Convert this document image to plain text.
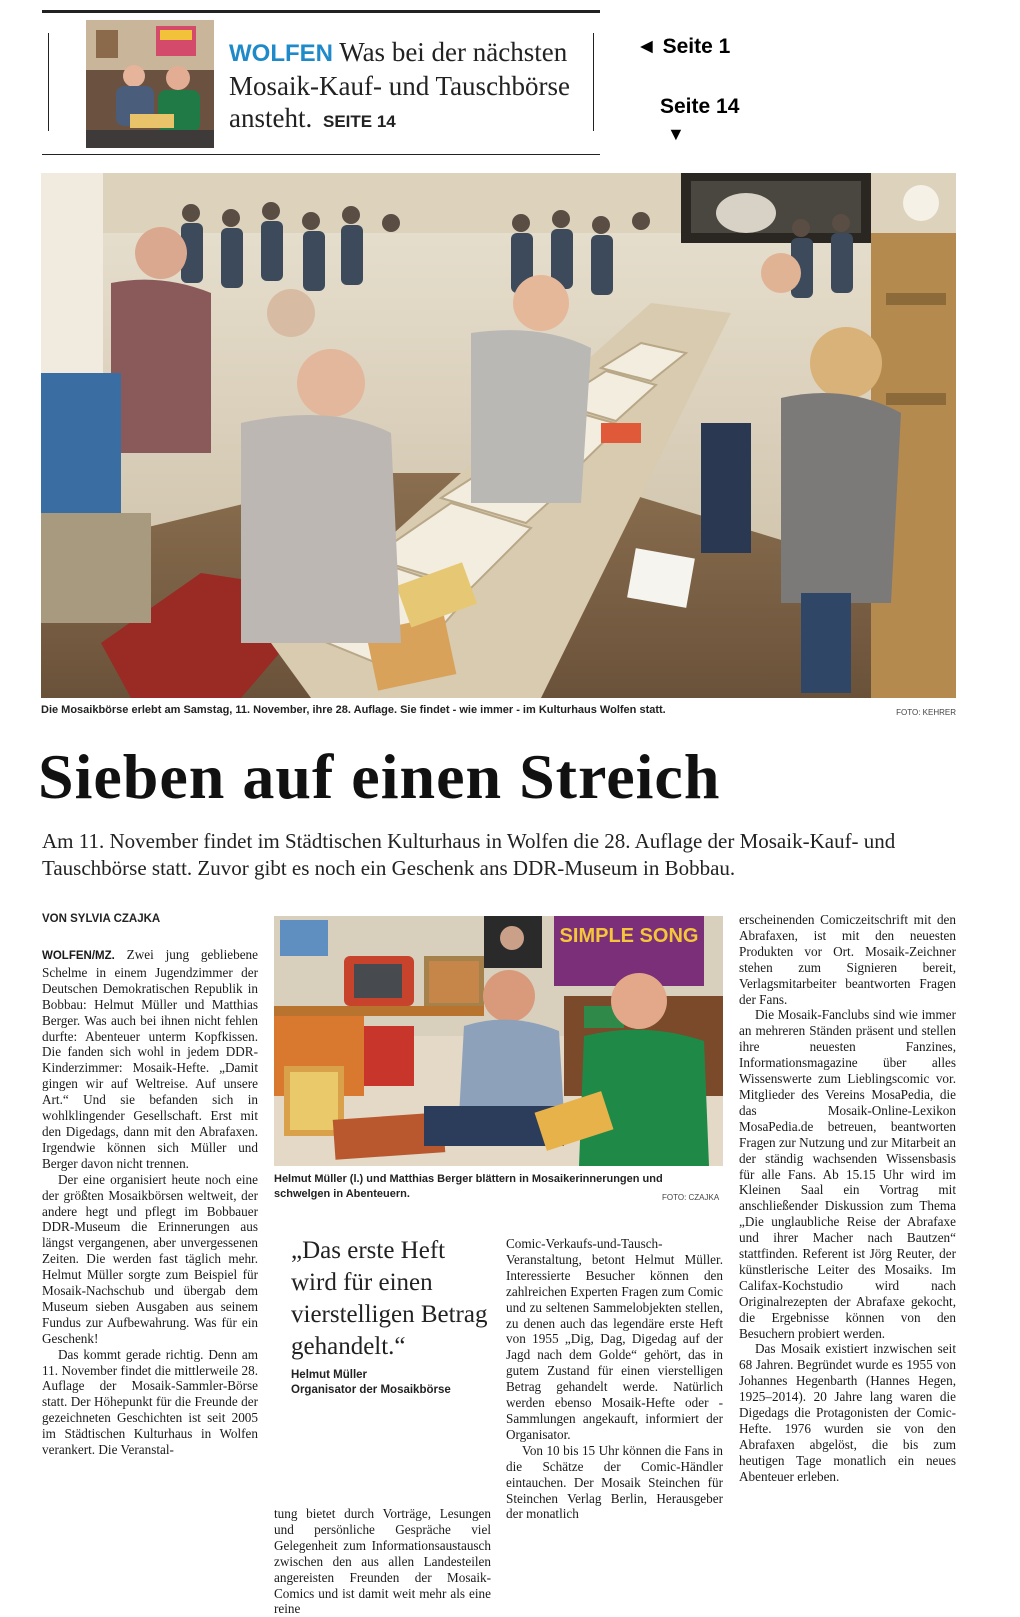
WOLFEN Was bei der nächsten Mosaik-Kauf- und Tauschbörse ansteht. SEITE 14
◄ Seite 1
Seite 14
▼
Die Mosaikbörse erlebt am Samstag, 11. November, ihre 28. Auflage. Sie findet - wie immer - im Kulturhaus Wolfen statt.	FOTO: KEHRER
Sieben auf einen Streich

Am 11. November findet im Städtischen Kulturhaus in Wolfen die 28. Auflage der Mosaik-Kauf- und Tauschbörse statt. Zuvor gibt es noch ein Geschenk ans DDR-Museum in Bobbau.

VON SYLVIA CZAJKA

WOLFEN/MZ. Zwei jung gebliebene Schelme in einem Jugendzimmer der Deutschen Demokratischen Republik in Bobbau: Helmut Müller und Matthias Berger. Was auch bei ihnen nicht fehlen durfte: Abenteuer unterm Kopfkissen. Die fanden sich wohl in jedem DDR-Kinderzimmer: Mosaik-Hefte. „Damit gingen wir auf Weltreise. Auf unsere Art.“ Und sie befanden sich in wohlklingender Gesellschaft. Erst mit den Digedags, dann mit den Abrafaxen. Irgendwie können sich Müller und Berger davon nicht trennen.

Der eine organisiert heute noch eine der größten Mosaikbörsen weltweit, der andere hegt und pflegt im Bobbauer DDR-Museum die Erinnerungen aus längst vergangenen, aber unvergessenen Zeiten. Die werden fast täglich mehr. Helmut Müller sorgte zum Beispiel für Mosaik-Nachschub und übergab dem Museum sieben Ausgaben aus seinem Fundus zur Aufbewahrung. Was für ein Geschenk!

Das kommt gerade richtig. Denn am 11. November findet die mittlerweile 28. Auflage der Mosaik-Sammler-Börse statt. Der Höhepunkt für die Freunde der gezeichneten Geschichten ist seit 2005 im Städtischen Kulturhaus in Wolfen verankert. Die Veranstal-

SIMPLE SONG
Helmut Müller (l.) und Matthias Berger blättern in Mosaikerinnerungen und schwelgen in Abenteuern.	FOTO: CZAJKA
„Das erste Heft wird für einen vierstelligen Betrag gehandelt.“
Helmut Müller
Organisator der Mosaikbörse

tung bietet durch Vorträge, Lesungen und persönliche Gespräche viel Gelegenheit zum Informationsaustausch zwischen den aus allen Landesteilen angereisten Freunden der Mosaik-Comics und ist damit weit mehr als eine reine

Comic-Verkaufs-und-Tausch-Veranstaltung, betont Helmut Müller. Interessierte Besucher können den zahlreichen Experten Fragen zum Comic und zu seltenen Sammelobjekten stellen, zu denen auch das legendäre erste Heft von 1955 „Dig, Dag, Digedag auf der Jagd nach dem Golde“ gehört, das in gutem Zustand für einen vierstelligen Betrag gehandelt werde. Natürlich werden ebenso Mosaik-Hefte oder -Sammlungen angekauft, informiert der Organisator.

Von 10 bis 15 Uhr können die Fans in die Schätze der Comic-Händler eintauchen. Der Mosaik Steinchen für Steinchen Verlag Berlin, Herausgeber der monatlich

erscheinenden Comiczeitschrift mit den Abrafaxen, ist mit den neuesten Produkten vor Ort. Mosaik-Zeichner stehen zum Signieren bereit, Verlagsmitarbeiter beantworten Fragen der Fans.

Die Mosaik-Fanclubs sind wie immer an mehreren Ständen präsent und stellen ihre neuesten Fanzines, Informationsmagazine über alles Wissenswerte zum Lieblingscomic vor. Mitglieder des Vereins MosaPedia, die das Mosaik-Online-Lexikon MosaPedia.de betreuen, beantworten Fragen zur Nutzung und zur Mitarbeit an der ständig wachsenden Wissensbasis für alle Fans. Ab 15.15 Uhr wird im Kleinen Saal ein Vortrag mit anschließender Diskussion zum Thema „Die unglaubliche Reise der Abrafaxe und ihrer Macher nach Bautzen“ stattfinden. Referent ist Jörg Reuter, der künstlerische Leiter des Mosaiks. Im Califax-Kochstudio wird nach Originalrezepten der Abrafaxe gekocht, die Ergebnisse können von den Besuchern probiert werden.

Das Mosaik existiert inzwischen seit 68 Jahren. Begründet wurde es 1955 von Johannes Hegenbarth (Hannes Hegen, 1925–2014). 20 Jahre lang waren die Digedags die Protagonisten der Comic-Hefte. 1976 wurden sie von den Abrafaxen abgelöst, die bis zum heutigen Tage monatlich ein neues Abenteuer erleben.
